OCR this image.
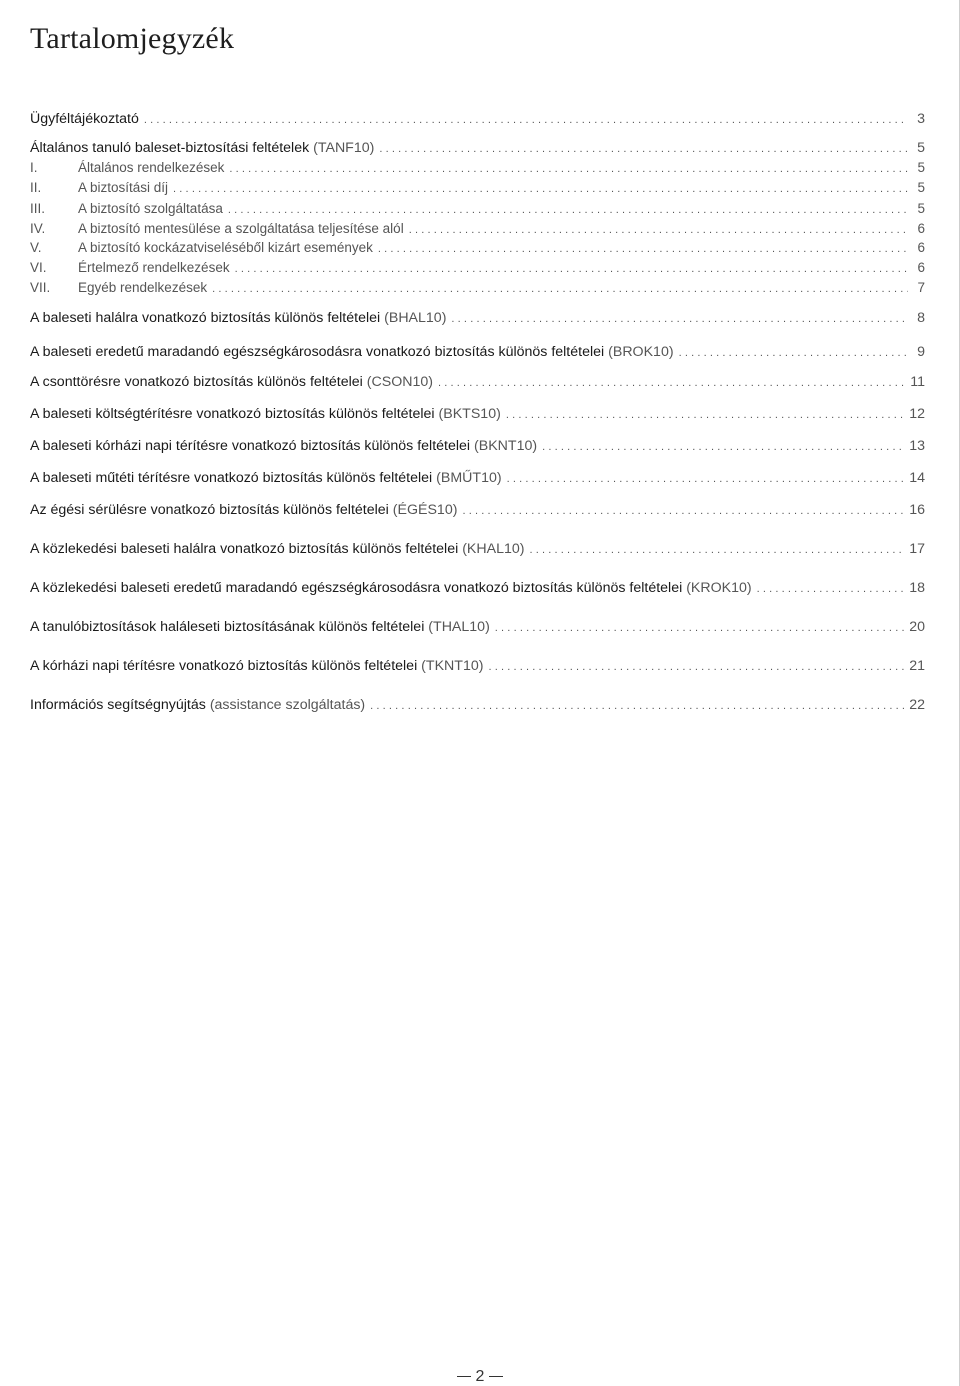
Tartalomjegyzék
Ügyféltájékoztató .....	3
Általános tanuló baleset-biztosítási feltételek (TANF10) .....	5
I.	Általános rendelkezések .....	5
II.	A biztosítási díj .....	5
III. A biztosító szolgáltatása .....	5
IV. A biztosító mentesülése a szolgáltatása teljesítése alól .....	6
V.	A biztosító kockázatviseléséből kizárt események .....	6
VI. Értelmező rendelkezések .....	6
VII. Egyéb rendelkezések .....	7
A baleseti halálra vonatkozó biztosítás különös feltételei (BHAL10) .....	8
A baleseti eredetű maradandó egészségkárosodásra vonatkozó biztosítás különös feltételei (BROK10) .....	9
A csonttörésre vonatkozó biztosítás különös feltételei (CSON10) .....	11
A baleseti költségtérítésre vonatkozó biztosítás különös feltételei (BKTS10) .....	12
A baleseti kórházi napi térítésre vonatkozó biztosítás különös feltételei (BKNT10) .....	13
A baleseti műtéti térítésre vonatkozó biztosítás különös feltételei (BMŰT10) .....	14
Az égési sérülésre vonatkozó biztosítás különös feltételei (ÉGÉS10) .....	16
A közlekedési baleseti halálra vonatkozó biztosítás különös feltételei (KHAL10) .....	17
A közlekedési baleseti eredetű maradandó egészségkárosodásra vonatkozó biztosítás különös feltételei (KROK10) .....	18
A tanulóbiztosítások haláleseti biztosításának különös feltételei (THAL10) .....	20
A kórházi napi térítésre vonatkozó biztosítás különös feltételei (TKNT10) .....	21
Információs segítségnyújtás (assistance szolgáltatás) .....	22
2
